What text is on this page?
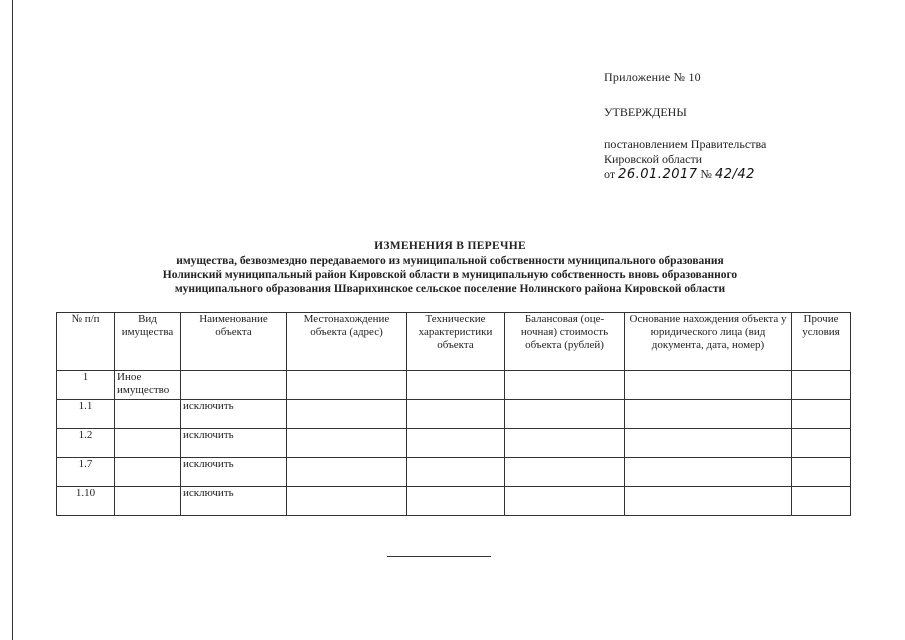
Приложение № 10
УТВЕРЖДЕНЫ
постановлением Правительства
Кировской области
от 26.01.2017 № 42/42
ИЗМЕНЕНИЯ В ПЕРЕЧНЕ
имущества, безвозмездно передаваемого из муниципальной собственности муниципального образования
Нолинский муниципальный район Кировской области в муниципальную собственность вновь образованного
муниципального образования Шварихинское сельское поселение Нолинского района Кировской области
№ п/п	Вид имущества	Наименование объекта	Местонахождение объекта (адрес)	Технические характеристики объекта	Балансовая (оце- ночная) стоимость объекта (рублей)	Основание нахождения объекта у юридического лица (вид документа, дата, номер)	Прочие условия
1	Иное имущество						
1.1		исключить					
1.2		исключить					
1.7		исключить					
1.10		исключить					
